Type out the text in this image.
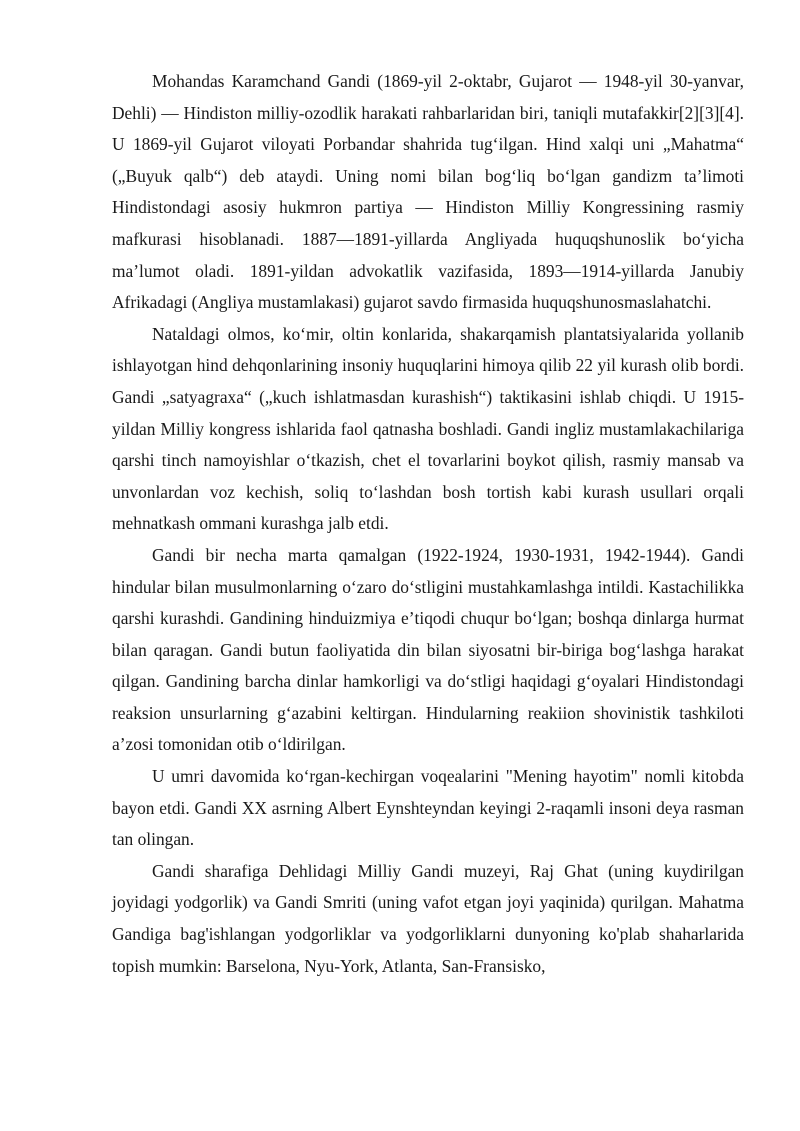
Mohandas Karamchand Gandi (1869-yil 2-oktabr, Gujarot — 1948-yil 30-yanvar, Dehli) — Hindiston milliy-ozodlik harakati rahbarlaridan biri, taniqli mutafakkir[2][3][4]. U 1869-yil Gujarot viloyati Porbandar shahrida tugʻilgan. Hind xalqi uni „Mahatma“ („Buyuk qalb“) deb ataydi. Uning nomi bilan bogʻliq boʻlgan gandizm taʼlimoti Hindistondagi asosiy hukmron partiya — Hindiston Milliy Kongressining rasmiy mafkurasi hisoblanadi. 1887—1891-yillarda Angliyada huquqshunoslik boʻyicha maʼlumot oladi. 1891-yildan advokatlik vazifasida, 1893—1914-yillarda Janubiy Afrikadagi (Angliya mustamlakasi) gujarot savdo firmasida huquqshunosmaslahatchi.

Nataldagi olmos, koʻmir, oltin konlarida, shakarqamish plantatsiyalarida yollanib ishlayotgan hind dehqonlarining insoniy huquqlarini himoya qilib 22 yil kurash olib bordi. Gandi „satyagraxa“ („kuch ishlatmasdan kurashish“) taktikasini ishlab chiqdi. U 1915-yildan Milliy kongress ishlarida faol qatnasha boshladi. Gandi ingliz mustamlakachilariga qarshi tinch namoyishlar oʻtkazish, chet el tovarlarini boykot qilish, rasmiy mansab va unvonlardan voz kechish, soliq toʻlashdan bosh tortish kabi kurash usullari orqali mehnatkash ommani kurashga jalb etdi.

Gandi bir necha marta qamalgan (1922-1924, 1930-1931, 1942-1944). Gandi hindular bilan musulmonlarning oʻzaro doʻstligini mustahkamlashga intildi. Kastachilikka qarshi kurashdi. Gandining hinduizmiya eʼtiqodi chuqur boʻlgan; boshqa dinlarga hurmat bilan qaragan. Gandi butun faoliyatida din bilan siyosatni bir-biriga bogʻlashga harakat qilgan. Gandining barcha dinlar hamkorligi va doʻstligi haqidagi gʻoyalari Hindistondagi reaksion unsurlarning gʻazabini keltirgan. Hindularning reakiion shovinistik tashkiloti aʼzosi tomonidan otib oʻldirilgan.

U umri davomida koʻrgan-kechirgan voqealarini "Mening hayotim" nomli kitobda bayon etdi. Gandi XX asrning Albert Eynshteyndan keyingi 2-raqamli insoni deya rasman tan olingan.

Gandi sharafiga Dehlidagi Milliy Gandi muzeyi, Raj Ghat (uning kuydirilgan joyidagi yodgorlik) va Gandi Smriti (uning vafot etgan joyi yaqinida) qurilgan. Mahatma Gandiga bag'ishlangan yodgorliklar va yodgorliklarni dunyoning ko'plab shaharlarida topish mumkin: Barselona, Nyu-York, Atlanta, San-Fransisko,
